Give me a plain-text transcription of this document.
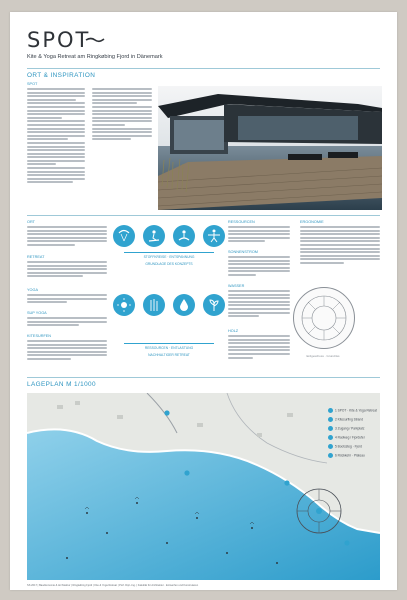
SPOT
Kite & Yoga Retreat am Ringkøbing Fjord in Dänemark
ORT & INSPIRATION
SPOT
ORT
RETREAT
YOGA
SUP YOGA
KITESURFEN
STOFFKREISE · ENTSPANNUNG
GRUNDLAGE DES KONZEPTS
RESSOURCEN · ENTLASTUNG
NACHHALTIGER RETREAT
RESSOURCEN
SONNENSTROM
WASSER
HOLZ
ERGONOMIE
Erdgeschoss · Grundriss
LAGEPLAN M 1/1000
1 SPOT · Kite & Yoga Retreat
2 Kitesurfing Strand
3 Zugang / Parkplatz
4 Radweg / Fjordufer
5 Bootssteg · Fjord
6 Rückkehr · Plateau
SS 2017 | Bauökonomie & Architektur | Ringkøbing Fjord | Kite & Yoga Retreat | Prof. Dipl.-Ing. | Fakultät für Architektur · Entwerfen und Konstruieren
